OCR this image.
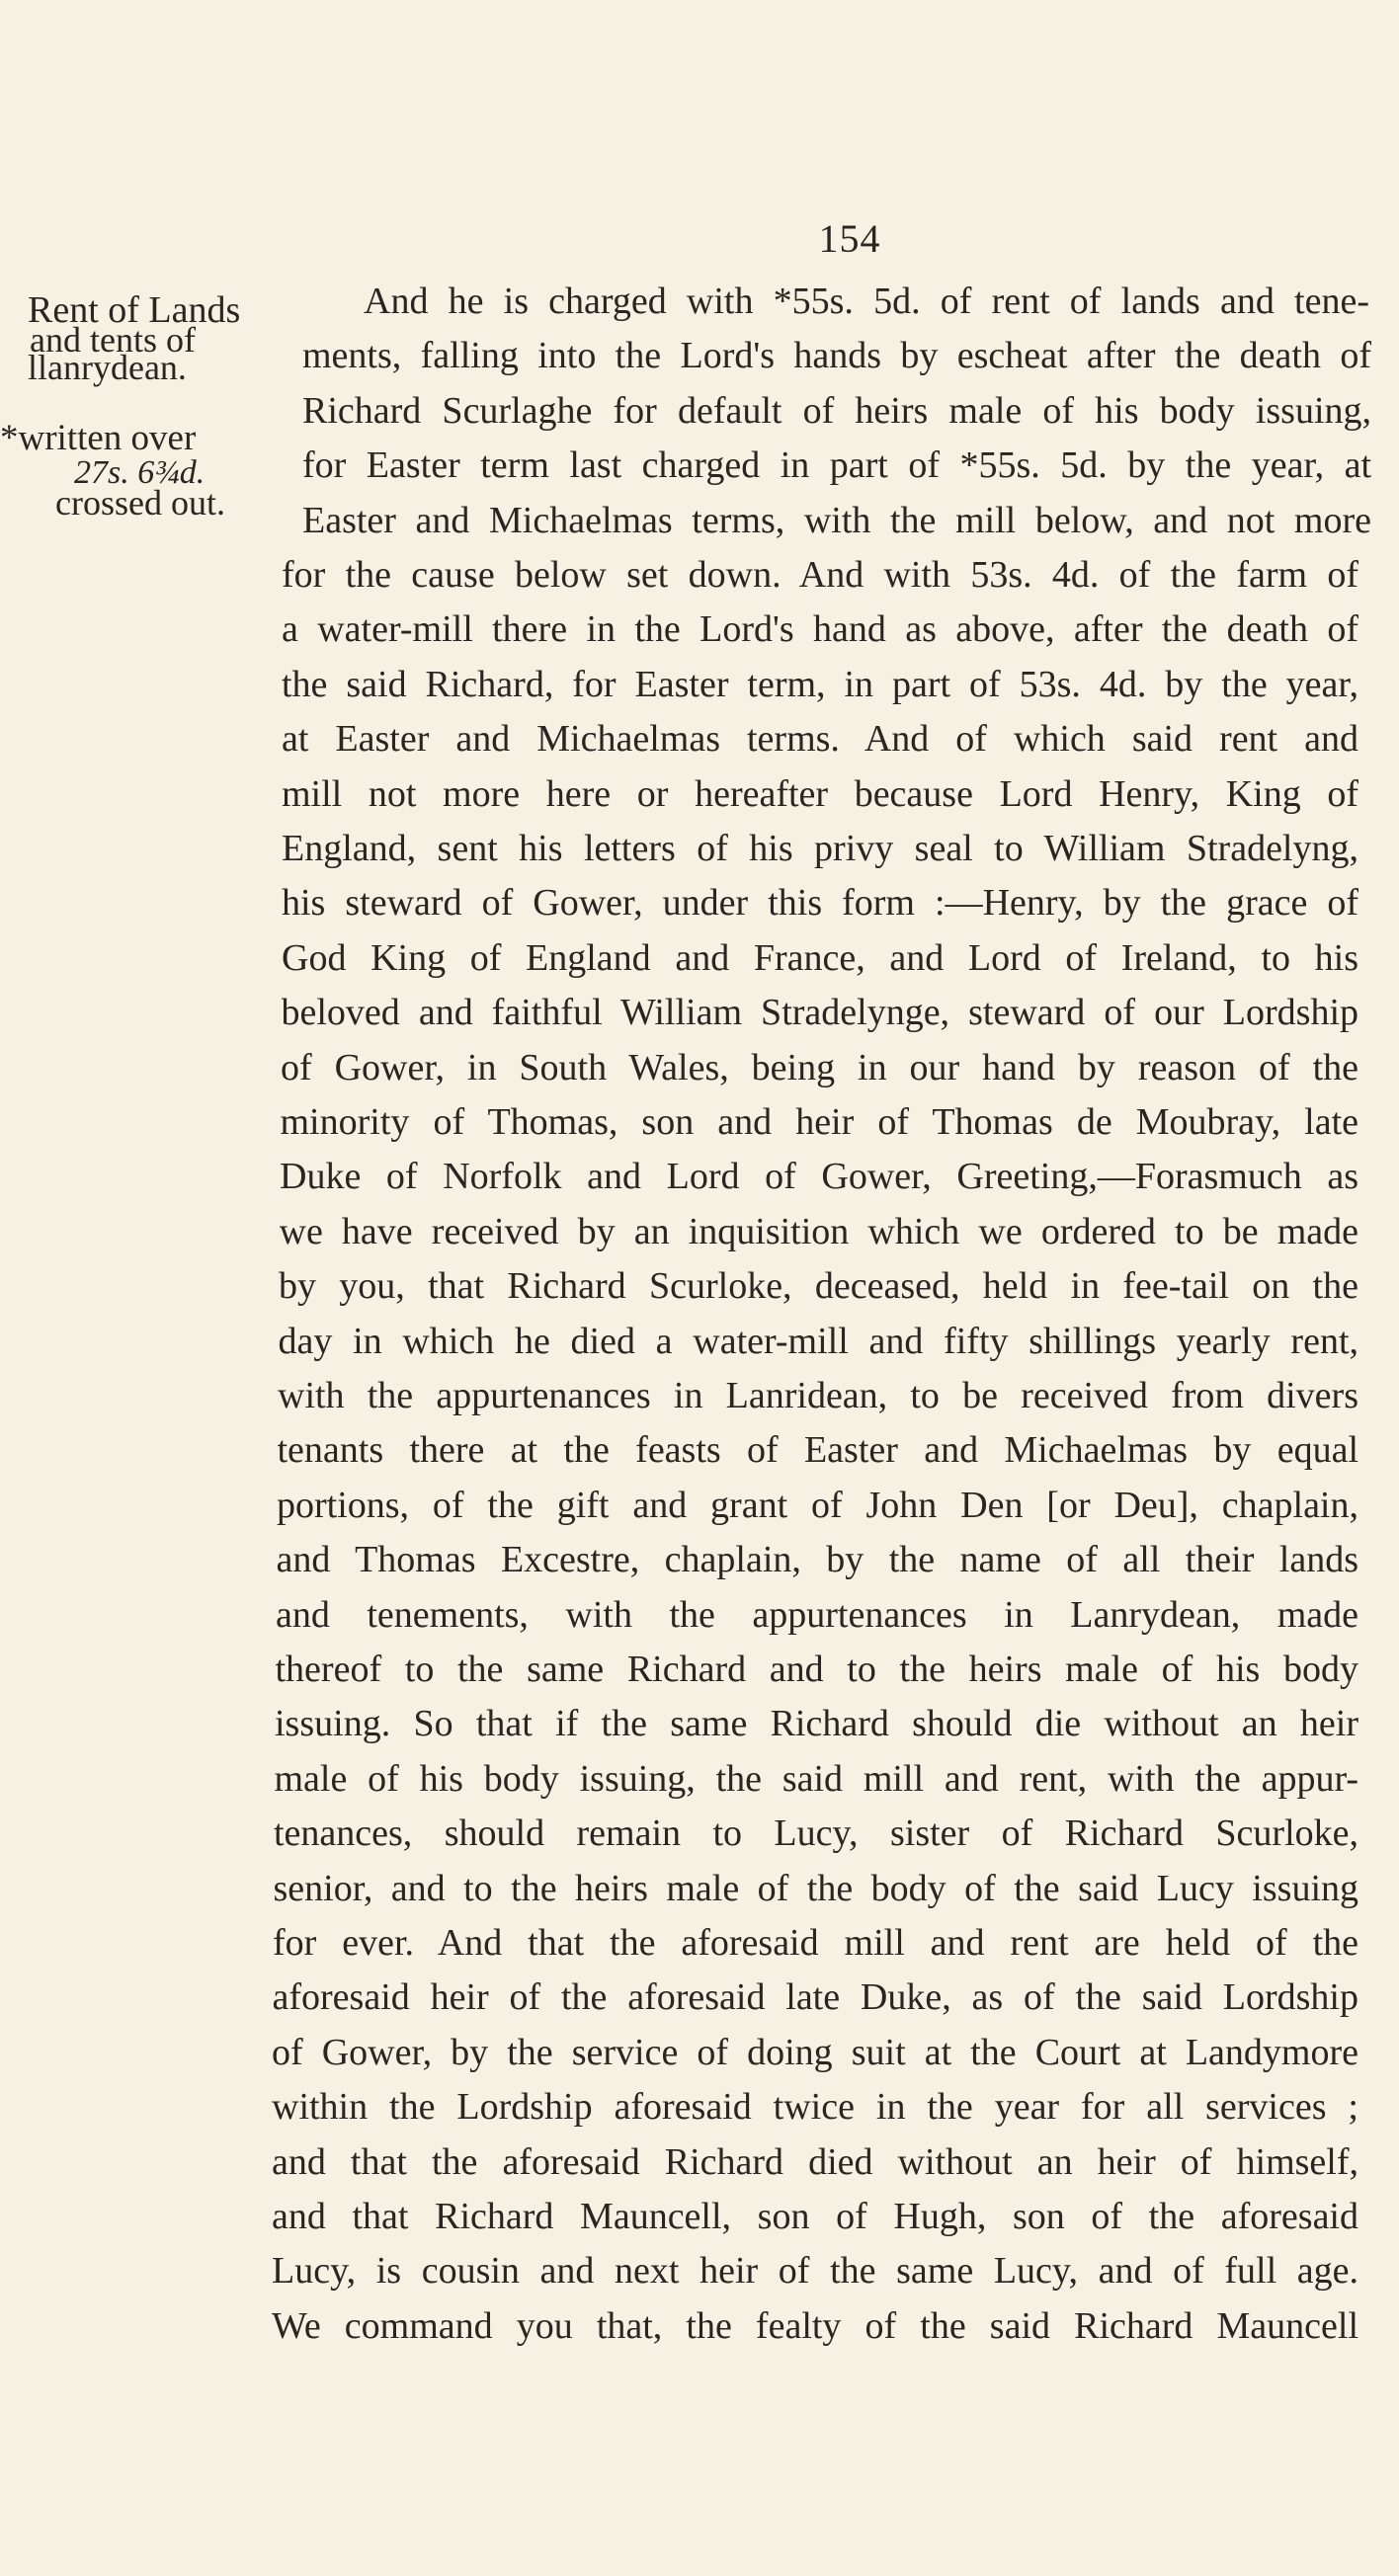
154
Rent of Lands
and tents of
llanrydean.
*written over
27s. 6¾d.
crossed out.
And he is charged with *55s. 5d. of rent of lands and tene-
ments, falling into the Lord's hands by escheat after the death of
Richard Scurlaghe for default of heirs male of his body issuing,
for Easter term last charged in part of *55s. 5d. by the year, at
Easter and Michaelmas terms, with the mill below, and not more
for the cause below set down. And with 53s. 4d. of the farm of
a water-mill there in the Lord's hand as above, after the death of
the said Richard, for Easter term, in part of 53s. 4d. by the year,
at Easter and Michaelmas terms. And of which said rent and
mill not more here or hereafter because Lord Henry, King of
England, sent his letters of his privy seal to William Stradelyng,
his steward of Gower, under this form :—Henry, by the grace of
God King of England and France, and Lord of Ireland, to his
beloved and faithful William Stradelynge, steward of our Lordship
of Gower, in South Wales, being in our hand by reason of the
minority of Thomas, son and heir of Thomas de Moubray, late
Duke of Norfolk and Lord of Gower, Greeting,—Forasmuch as
we have received by an inquisition which we ordered to be made
by you, that Richard Scurloke, deceased, held in fee-tail on the
day in which he died a water-mill and fifty shillings yearly rent,
with the appurtenances in Lanridean, to be received from divers
tenants there at the feasts of Easter and Michaelmas by equal
portions, of the gift and grant of John Den [or Deu], chaplain,
and Thomas Excestre, chaplain, by the name of all their lands
and tenements, with the appurtenances in Lanrydean, made
thereof to the same Richard and to the heirs male of his body
issuing. So that if the same Richard should die without an heir
male of his body issuing, the said mill and rent, with the appur-
tenances, should remain to Lucy, sister of Richard Scurloke,
senior, and to the heirs male of the body of the said Lucy issuing
for ever. And that the aforesaid mill and rent are held of the
aforesaid heir of the aforesaid late Duke, as of the said Lordship
of Gower, by the service of doing suit at the Court at Landymore
within the Lordship aforesaid twice in the year for all services ;
and that the aforesaid Richard died without an heir of himself,
and that Richard Mauncell, son of Hugh, son of the aforesaid
Lucy, is cousin and next heir of the same Lucy, and of full age.
We command you that, the fealty of the said Richard Mauncell
